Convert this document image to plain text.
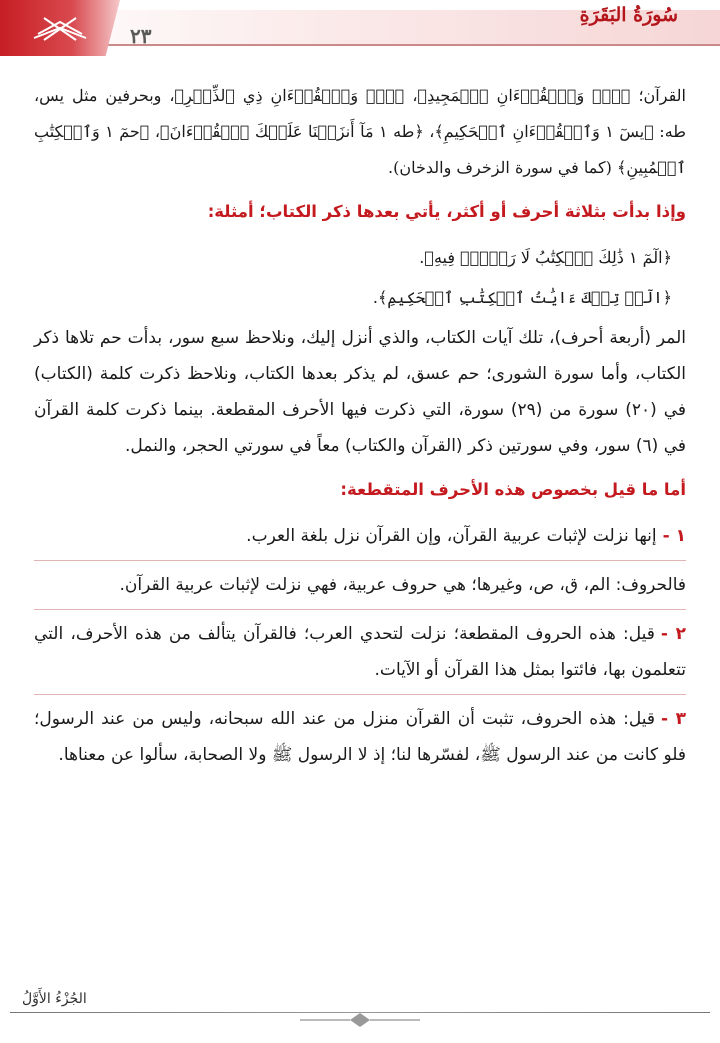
سُورَةُ البَقَرَةِ
٢٣

القرآن؛ ﴿قٓۚ وَٱلۡقُرۡءَانِ ٱلۡمَجِيدِ﴾، ﴿صٓۚ وَٱلۡقُرۡءَانِ ذِي ٱلذِّكۡرِ﴾، وبحرفين مثل يس، طه: ﴿يسٓ ١ وَٱلۡقُرۡءَانِ ٱلۡحَكِيمِ﴾، ﴿طه ١ مَآ أَنزَلۡنَا عَلَيۡكَ ٱلۡقُرۡءَانَ﴾، ﴿حمٓ ١ وَٱلۡكِتَٰبِ ٱلۡمُبِينِ﴾ (كما في سورة الزخرف والدخان).

وإذا بدأت بثلاثة أحرف أو أكثر، يأتي بعدها ذكر الكتاب؛ أمثلة:

﴿الٓمٓ ١ ذَٰلِكَ ٱلۡكِتَٰبُ لَا رَيۡبَۛ فِيهِ﴾.

﴿الٓرۚ تِلۡكَ ءَايَٰتُ ٱلۡكِتَٰبِ ٱلۡحَكِيمِ﴾.

المر (أربعة أحرف)، تلك آيات الكتاب، والذي أنزل إليك، ونلاحظ سبع سور، بدأت حم تلاها ذكر الكتاب، وأما سورة الشورى؛ حم عسق، لم يذكر بعدها الكتاب، ونلاحظ ذكرت كلمة (الكتاب) في (٢٠) سورة من (٢٩) سورة، التي ذكرت فيها الأحرف المقطعة. بينما ذكرت كلمة القرآن في (٦) سور، وفي سورتين ذكر (القرآن والكتاب) معاً في سورتي الحجر، والنمل.

أما ما قيل بخصوص هذه الأحرف المتقطعة:

١ -إنها نزلت لإثبات عربية القرآن، وإن القرآن نزل بلغة العرب.

فالحروف: الم، ق، ص، وغيرها؛ هي حروف عربية، فهي نزلت لإثبات عربية القرآن.

٢ -قيل: هذه الحروف المقطعة؛ نزلت لتحدي العرب؛ فالقرآن يتألف من هذه الأحرف، التي تتعلمون بها، فائتوا بمثل هذا القرآن أو الآيات.

٣ -قيل: هذه الحروف، تثبت أن القرآن منزل من عند الله سبحانه، وليس من عند الرسول؛ فلو كانت من عند الرسول ﷺ، لفسّرها لنا؛ إذ لا الرسول ﷺ ولا الصحابة، سألوا عن معناها.

الجُزْءُ الأَوَّلُ
